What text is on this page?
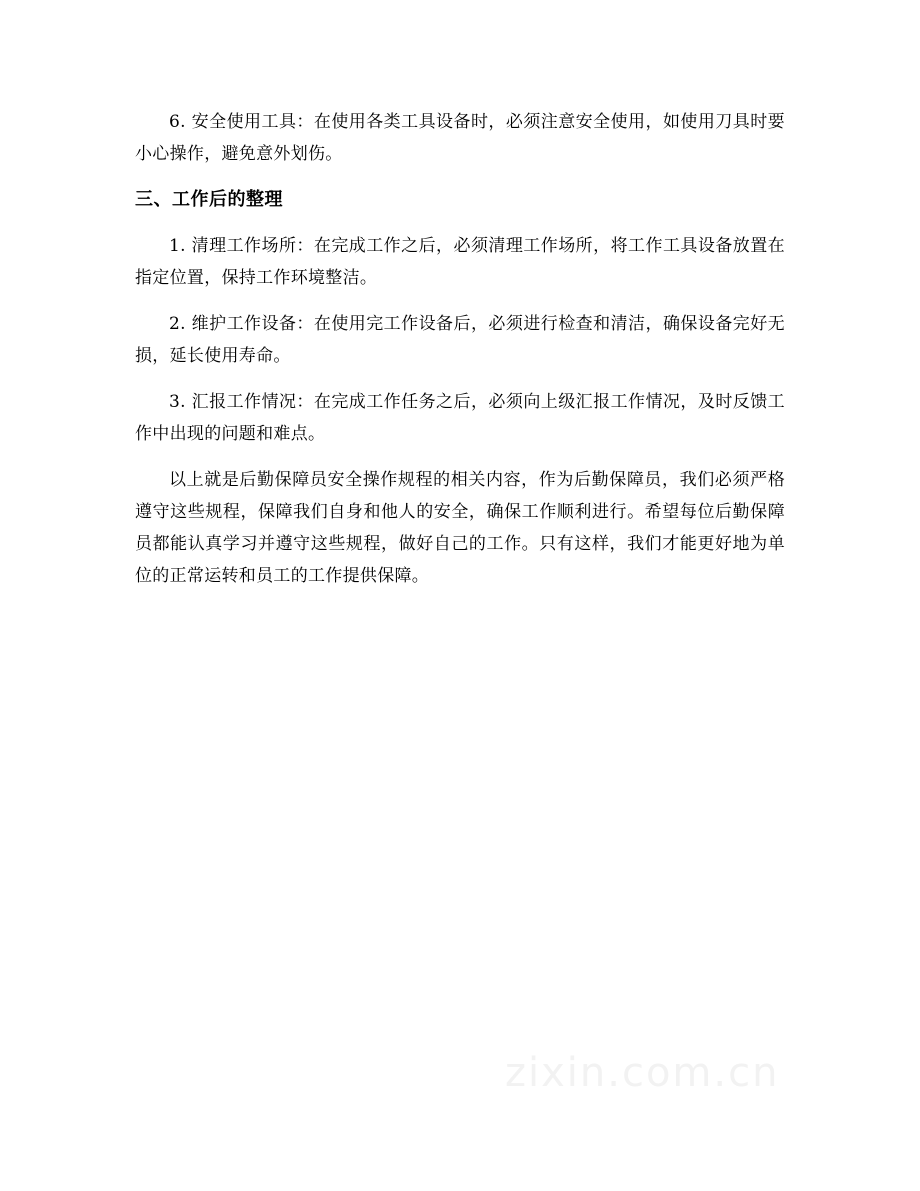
6. 安全使用工具：在使用各类工具设备时，必须注意安全使用，如使用刀具时要小心操作，避免意外划伤。

三、工作后的整理

1. 清理工作场所：在完成工作之后，必须清理工作场所，将工作工具设备放置在指定位置，保持工作环境整洁。

2. 维护工作设备：在使用完工作设备后，必须进行检查和清洁，确保设备完好无损，延长使用寿命。

3. 汇报工作情况：在完成工作任务之后，必须向上级汇报工作情况，及时反馈工作中出现的问题和难点。

以上就是后勤保障员安全操作规程的相关内容，作为后勤保障员，我们必须严格遵守这些规程，保障我们自身和他人的安全，确保工作顺利进行。希望每位后勤保障员都能认真学习并遵守这些规程，做好自己的工作。只有这样，我们才能更好地为单位的正常运转和员工的工作提供保障。

zixin.com.cn
